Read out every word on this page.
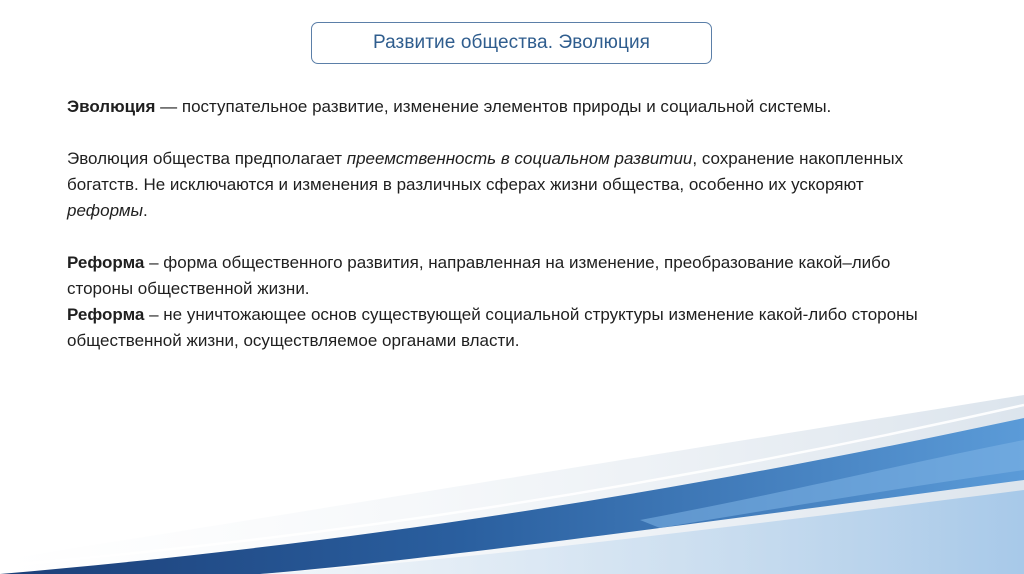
Развитие общества. Эволюция

Эволюция — поступательное развитие, изменение элементов природы и социальной системы.

Эволюция общества предполагает преемственность в социальном развитии, сохранение накопленных богатств. Не исключаются и изменения в различных сферах жизни общества, особенно их ускоряют реформы.

Реформа – форма общественного развития, направленная на изменение, преобразование какой–либо стороны общественной жизни.

Реформа – не уничтожающее основ существующей социальной структуры изменение какой-либо стороны общественной жизни, осуществляемое органами власти.
